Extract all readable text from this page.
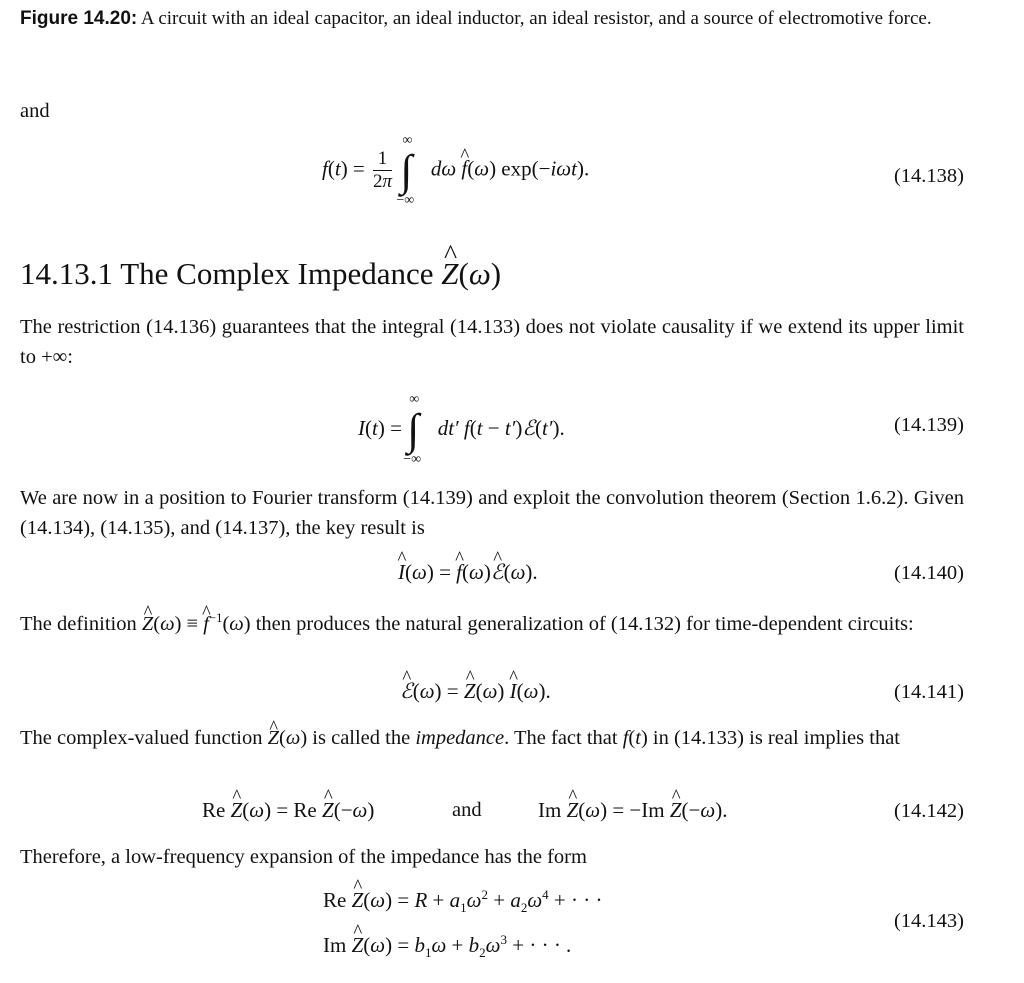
Figure 14.20: A circuit with an ideal capacitor, an ideal inductor, an ideal resistor, and a source of electromotive force.
and
$f(t) = \frac{1}{2\pi}$

∞
∫
−∞
dω f ^(ω) exp(−iωt).	(14.138)
14.13.1 The Complex Impedance Z ^(ω)
The restriction (14.136) guarantees that the integral (14.133) does not violate causality if we extend its upper limit to +∞:
I(t) =
∞
∫
−∞
dt′ f(t − t′)ℰ(t′).	(14.139)
We are now in a position to Fourier transform (14.139) and exploit the convolution theorem (Section 1.6.2). Given (14.134), (14.135), and (14.137), the key result is
I ^(ω) = f ^(ω)ℰ ^(ω).	(14.140)
The definition Z ^(ω) ≡ f ^$^{-1}$(ω) then produces the natural generalization of (14.132) for time-dependent circuits:
ℰ ^(ω) = Z ^(ω) I ^(ω).	(14.141)
The complex-valued function Z ^(ω) is called the impedance. The fact that f(t) in (14.133) is real implies that
Re Z ^(ω) = Re Z ^(−ω)	and	Im Z ^(ω) = −Im Z ^(−ω).	(14.142)
Therefore, a low-frequency expansion of the impedance has the form
Re Z ^(ω) = $R + a_1\omega^2 + a_2\omega^4$ + · · ·
Im Z ^(ω) = $b_1\omega + b_2\omega^3$ + · · · .
(14.143)
